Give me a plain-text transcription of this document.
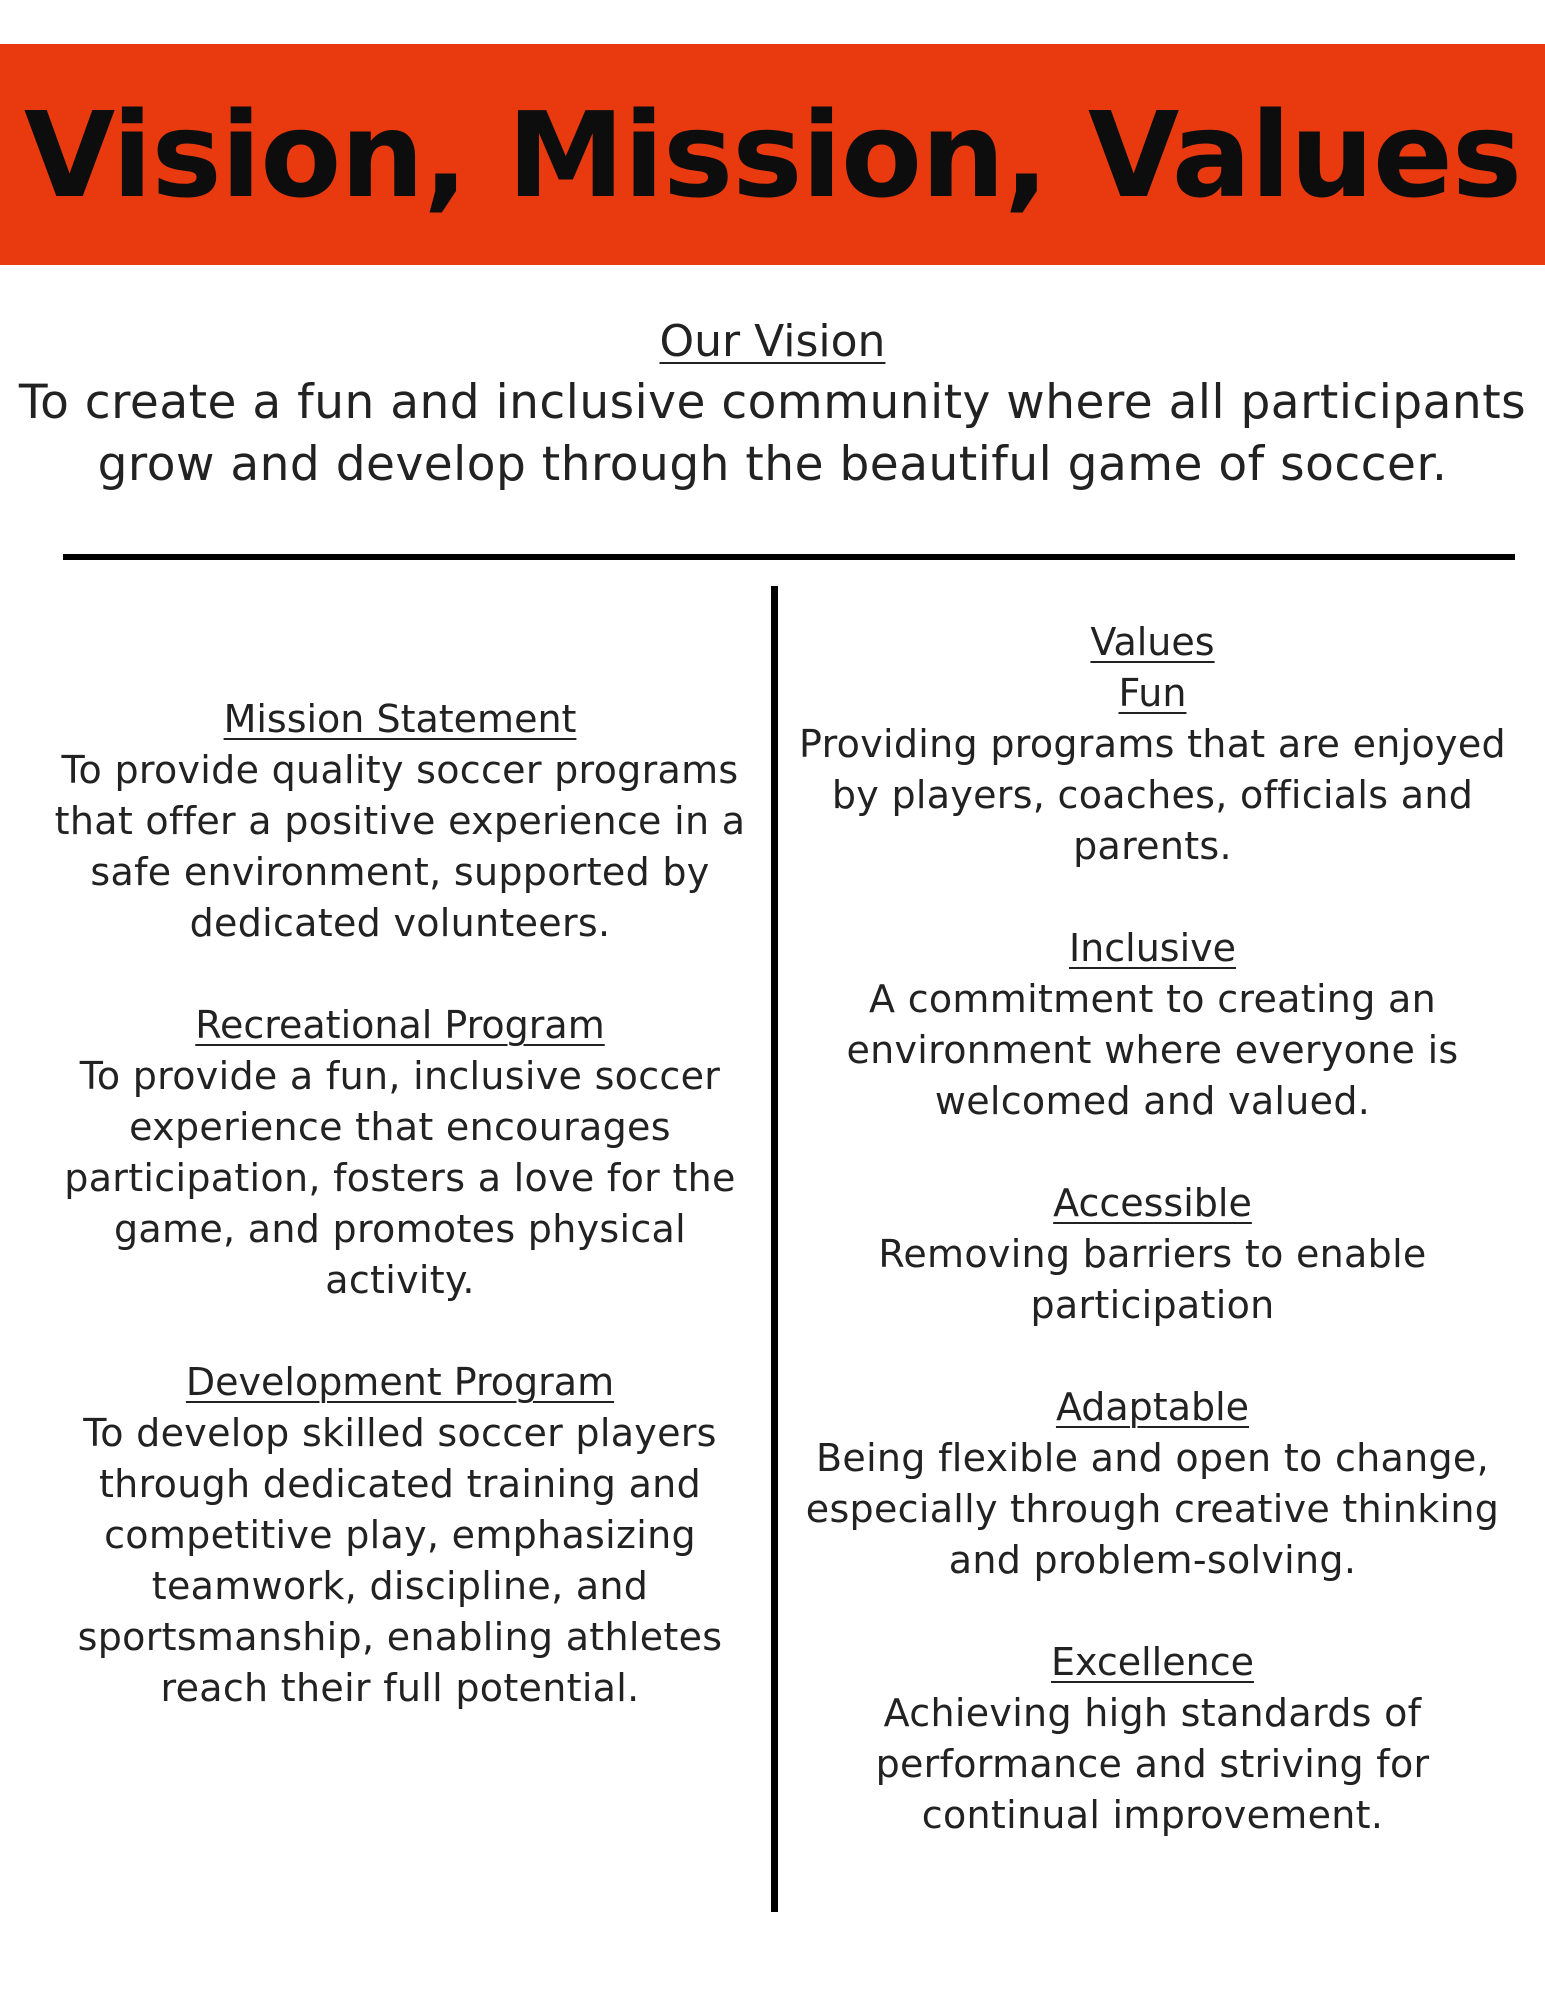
Vision, Mission, Values
Our Vision
To create a fun and inclusive community where all participants grow and develop through the beautiful game of soccer.
Mission Statement
To provide quality soccer programs that offer a positive experience in a safe environment, supported by dedicated volunteers.
Recreational Program
To provide a fun, inclusive soccer experience that encourages participation, fosters a love for the game, and promotes physical activity.
Development Program
To develop skilled soccer players through dedicated training and competitive play, emphasizing teamwork, discipline, and sportsmanship, enabling athletes reach their full potential.
Values
Fun
Providing programs that are enjoyed by players, coaches, officials and parents.
Inclusive
A commitment to creating an environment where everyone is welcomed and valued.
Accessible
Removing barriers to enable participation
Adaptable
Being flexible and open to change, especially through creative thinking and problem-solving.
Excellence
Achieving high standards of performance and striving for continual improvement.
